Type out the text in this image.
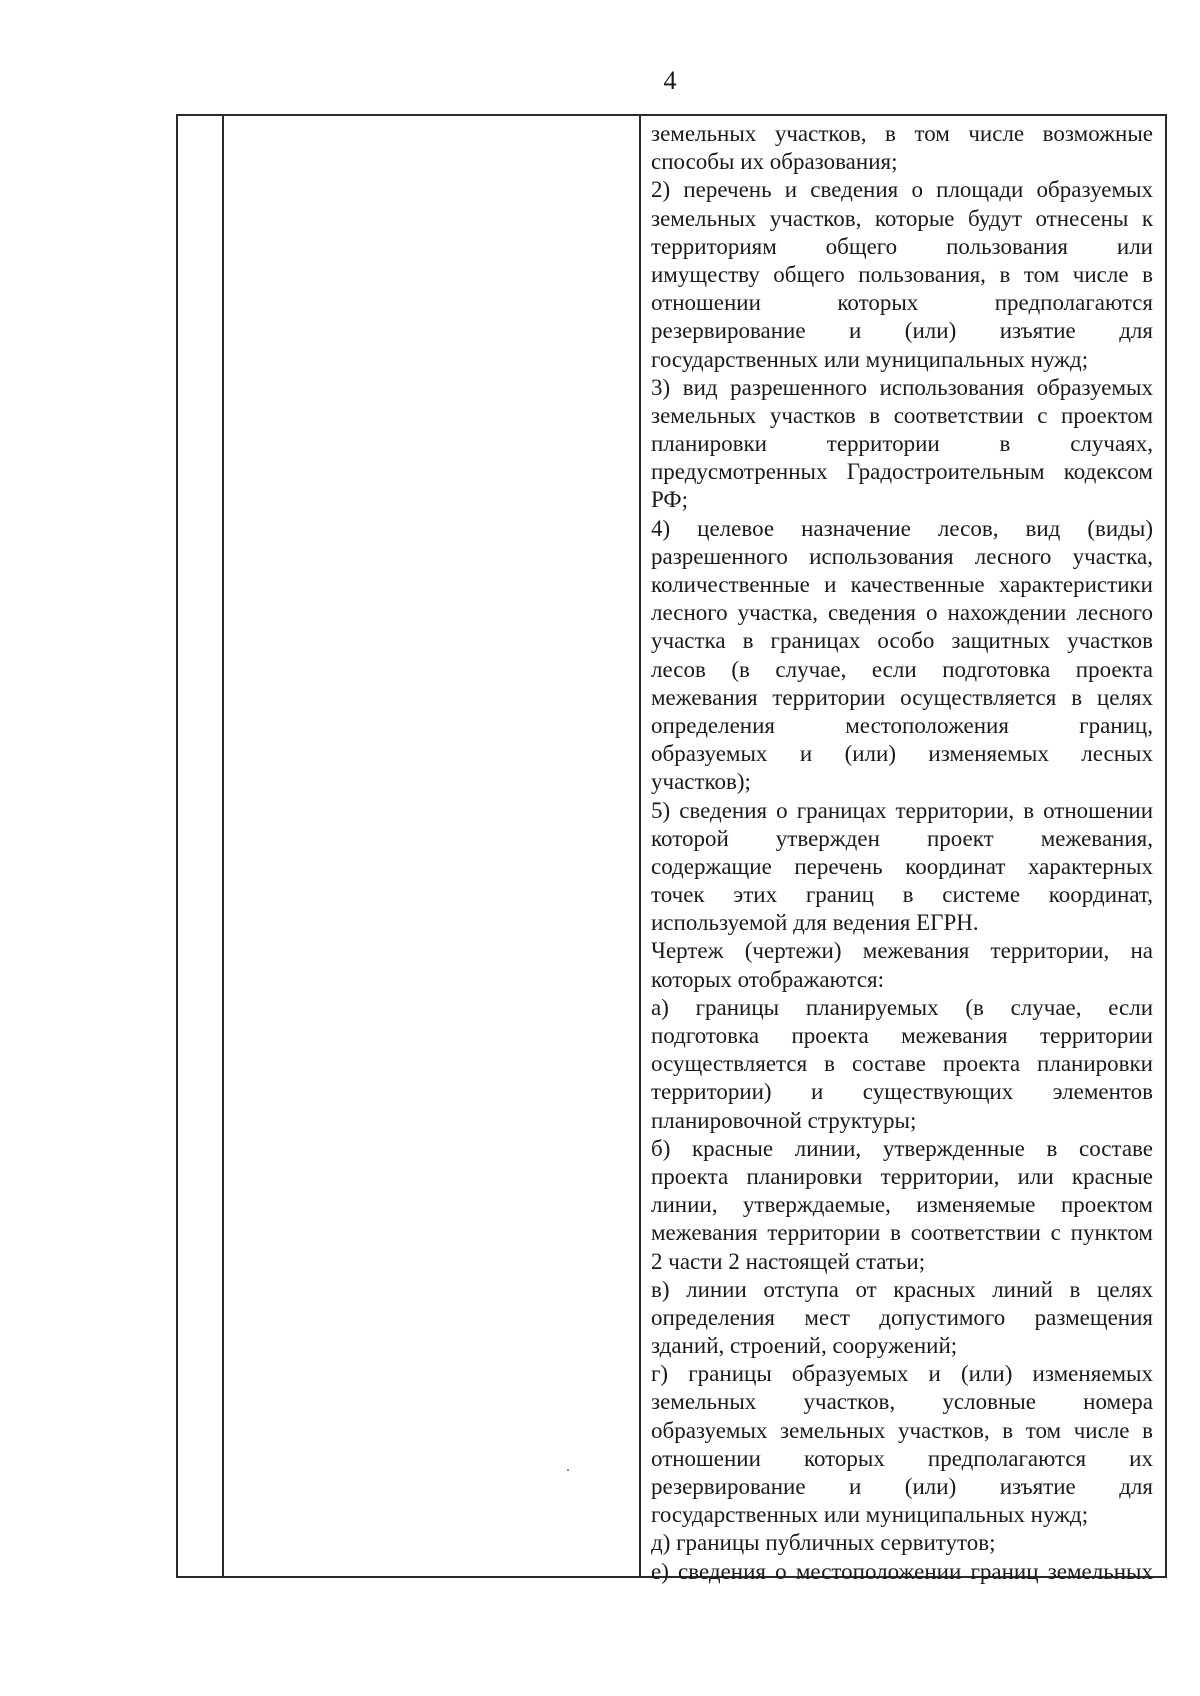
4
земельных участков, в том числе возможные
способы их образования;
2) перечень и сведения о площади образуемых
земельных участков, которые будут отнесены к
территориям общего пользования или
имуществу общего пользования, в том числе в
отношении которых предполагаются
резервирование и (или) изъятие для
государственных или муниципальных нужд;
3) вид разрешенного использования образуемых
земельных участков в соответствии с проектом
планировки территории в случаях,
предусмотренных Градостроительным кодексом
РФ;
4) целевое назначение лесов, вид (виды)
разрешенного использования лесного участка,
количественные и качественные характеристики
лесного участка, сведения о нахождении лесного
участка в границах особо защитных участков
лесов (в случае, если подготовка проекта
межевания территории осуществляется в целях
определения местоположения границ,
образуемых и (или) изменяемых лесных
участков);
5) сведения о границах территории, в отношении
которой утвержден проект межевания,
содержащие перечень координат характерных
точек этих границ в системе координат,
используемой для ведения ЕГРН.
Чертеж (чертежи) межевания территории, на
которых отображаются:
а) границы планируемых (в случае, если
подготовка проекта межевания территории
осуществляется в составе проекта планировки
территории) и существующих элементов
планировочной структуры;
б) красные линии, утвержденные в составе
проекта планировки территории, или красные
линии, утверждаемые, изменяемые проектом
межевания территории в соответствии с пунктом
2 части 2 настоящей статьи;
в) линии отступа от красных линий в целях
определения мест допустимого размещения
зданий, строений, сооружений;
г) границы образуемых и (или) изменяемых
земельных участков, условные номера
образуемых земельных участков, в том числе в
отношении которых предполагаются их
резервирование и (или) изъятие для
государственных или муниципальных нужд;
д) границы публичных сервитутов;
е) сведения о местоположении границ земельных
